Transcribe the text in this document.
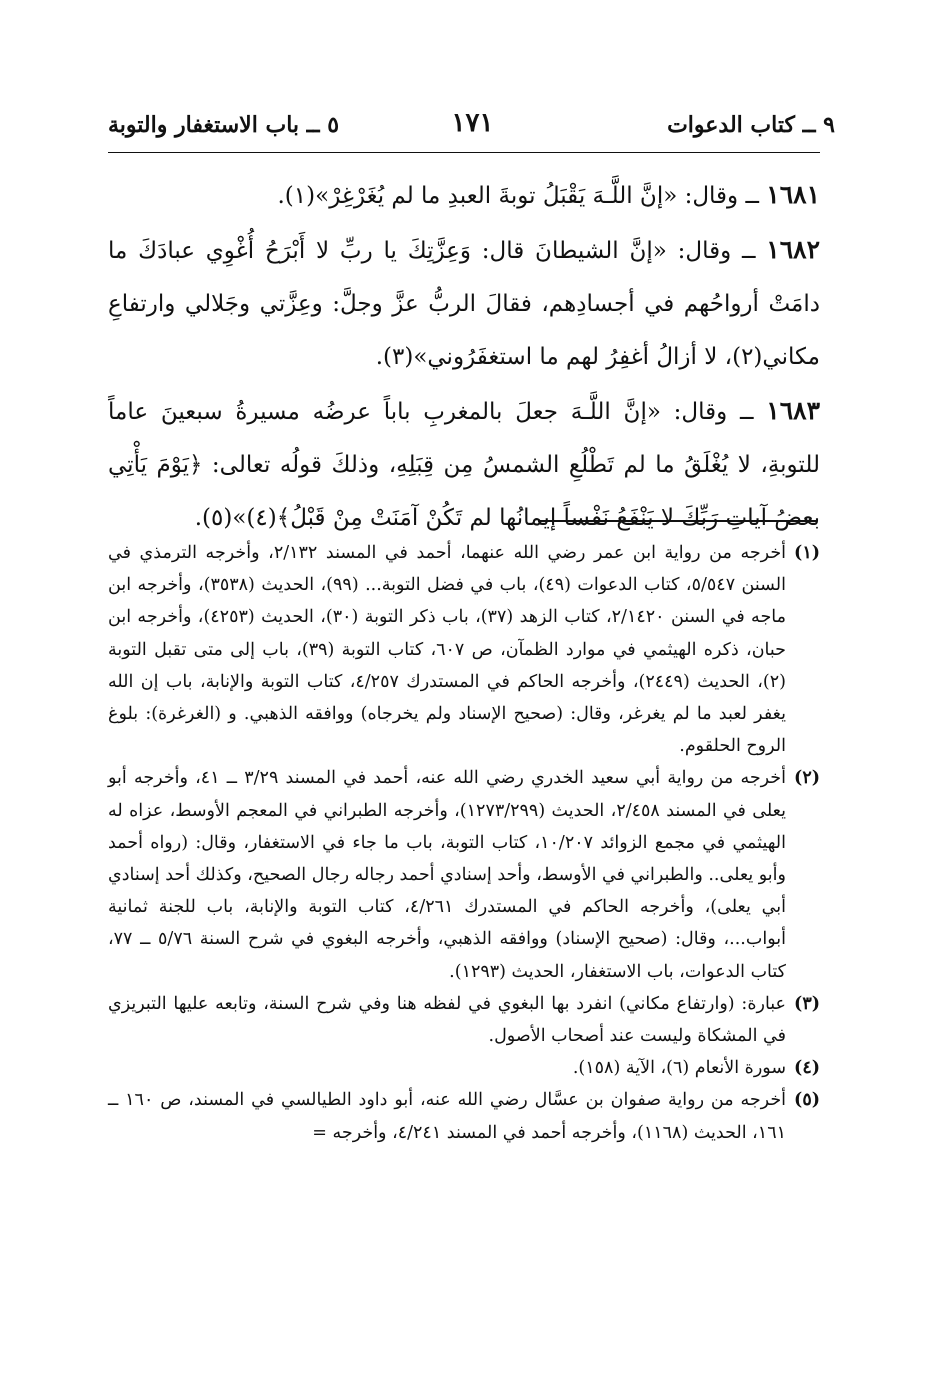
٩ ــ كتاب الدعوات
١٧١
٥ ــ باب الاستغفار والتوبة

١٦٨١ ــ وقال: «إنَّ اللَّـهَ يَقْبَلُ توبةَ العبدِ ما لم يُغَرْغِرْ»(١).

١٦٨٢ ــ وقال: «إنَّ الشيطانَ قال: وَعِزَّتِكَ يا ربِّ لا أَبْرَحُ أُغْوِي عبادَكَ ما دامَتْ أرواحُهم في أجسادِهم، فقالَ الربُّ عزَّ وجلَّ: وعِزَّتي وجَلالي وارتفاعِ مكاني(٢)، لا أزالُ أغفِرُ لهم ما استغفَرُوني»(٣).

١٦٨٣ ــ وقال: «إنَّ اللَّـهَ جعلَ بالمغربِ باباً عرضُه مسيرةُ سبعينَ عاماً للتوبةِ، لا يُغْلَقُ ما لم تَطْلُعِ الشمسُ مِن قِبَلِهِ، وذلكَ قولُه تعالى: ﴿يَوْمَ يَأْتِي بعضُ آياتِ رَبِّكَ لا يَنْفَعُ نَفْساً إيمانُها لم تَكُنْ آمَنَتْ مِنْ قَبْلُ﴾(٤)»(٥).

(١)
أخرجه من رواية ابن عمر رضي الله عنهما، أحمد في المسند ٢/١٣٢، وأخرجه الترمذي في السنن ٥/٥٤٧، كتاب الدعوات (٤٩)، باب في فضل التوبة... (٩٩)، الحديث (٣٥٣٨)، وأخرجه ابن ماجه في السنن ٢/١٤٢٠، كتاب الزهد (٣٧)، باب ذكر التوبة (٣٠)، الحديث (٤٢٥٣)، وأخرجه ابن حبان، ذكره الهيثمي في موارد الظمآن، ص ٦٠٧، كتاب التوبة (٣٩)، باب إلى متى تقبل التوبة (٢)، الحديث (٢٤٤٩)، وأخرجه الحاكم في المستدرك ٤/٢٥٧، كتاب التوبة والإنابة، باب إن الله يغفر لعبد ما لم يغرغر، وقال: (صحيح الإسناد ولم يخرجاه) ووافقه الذهبي. و (الغرغرة): بلوغ الروح الحلقوم.

(٢)
أخرجه من رواية أبي سعيد الخدري رضي الله عنه، أحمد في المسند ٣/٢٩ ــ ٤١، وأخرجه أبو يعلى في المسند ٢/٤٥٨، الحديث (١٢٧٣/٢٩٩)، وأخرجه الطبراني في المعجم الأوسط، عزاه له الهيثمي في مجمع الزوائد ١٠/٢٠٧، كتاب التوبة، باب ما جاء في الاستغفار، وقال: (رواه أحمد وأبو يعلى.. والطبراني في الأوسط، وأحد إسنادي أحمد رجاله رجال الصحيح، وكذلك أحد إسنادي أبي يعلى)، وأخرجه الحاكم في المستدرك ٤/٢٦١، كتاب التوبة والإنابة، باب للجنة ثمانية أبواب...، وقال: (صحيح الإسناد) ووافقه الذهبي، وأخرجه البغوي في شرح السنة ٥/٧٦ ــ ٧٧، كتاب الدعوات، باب الاستغفار، الحديث (١٢٩٣).

(٣)
عبارة: (وارتفاع مكاني) انفرد بها البغوي في لفظه هنا وفي شرح السنة، وتابعه عليها التبريزي في المشكاة وليست عند أصحاب الأصول.

(٤)
سورة الأنعام (٦)، الآية (١٥٨).

(٥)
أخرجه من رواية صفوان بن عسَّال رضي الله عنه، أبو داود الطيالسي في المسند، ص ١٦٠ ــ ١٦١، الحديث (١١٦٨)، وأخرجه أحمد في المسند ٤/٢٤١، وأخرجه =
